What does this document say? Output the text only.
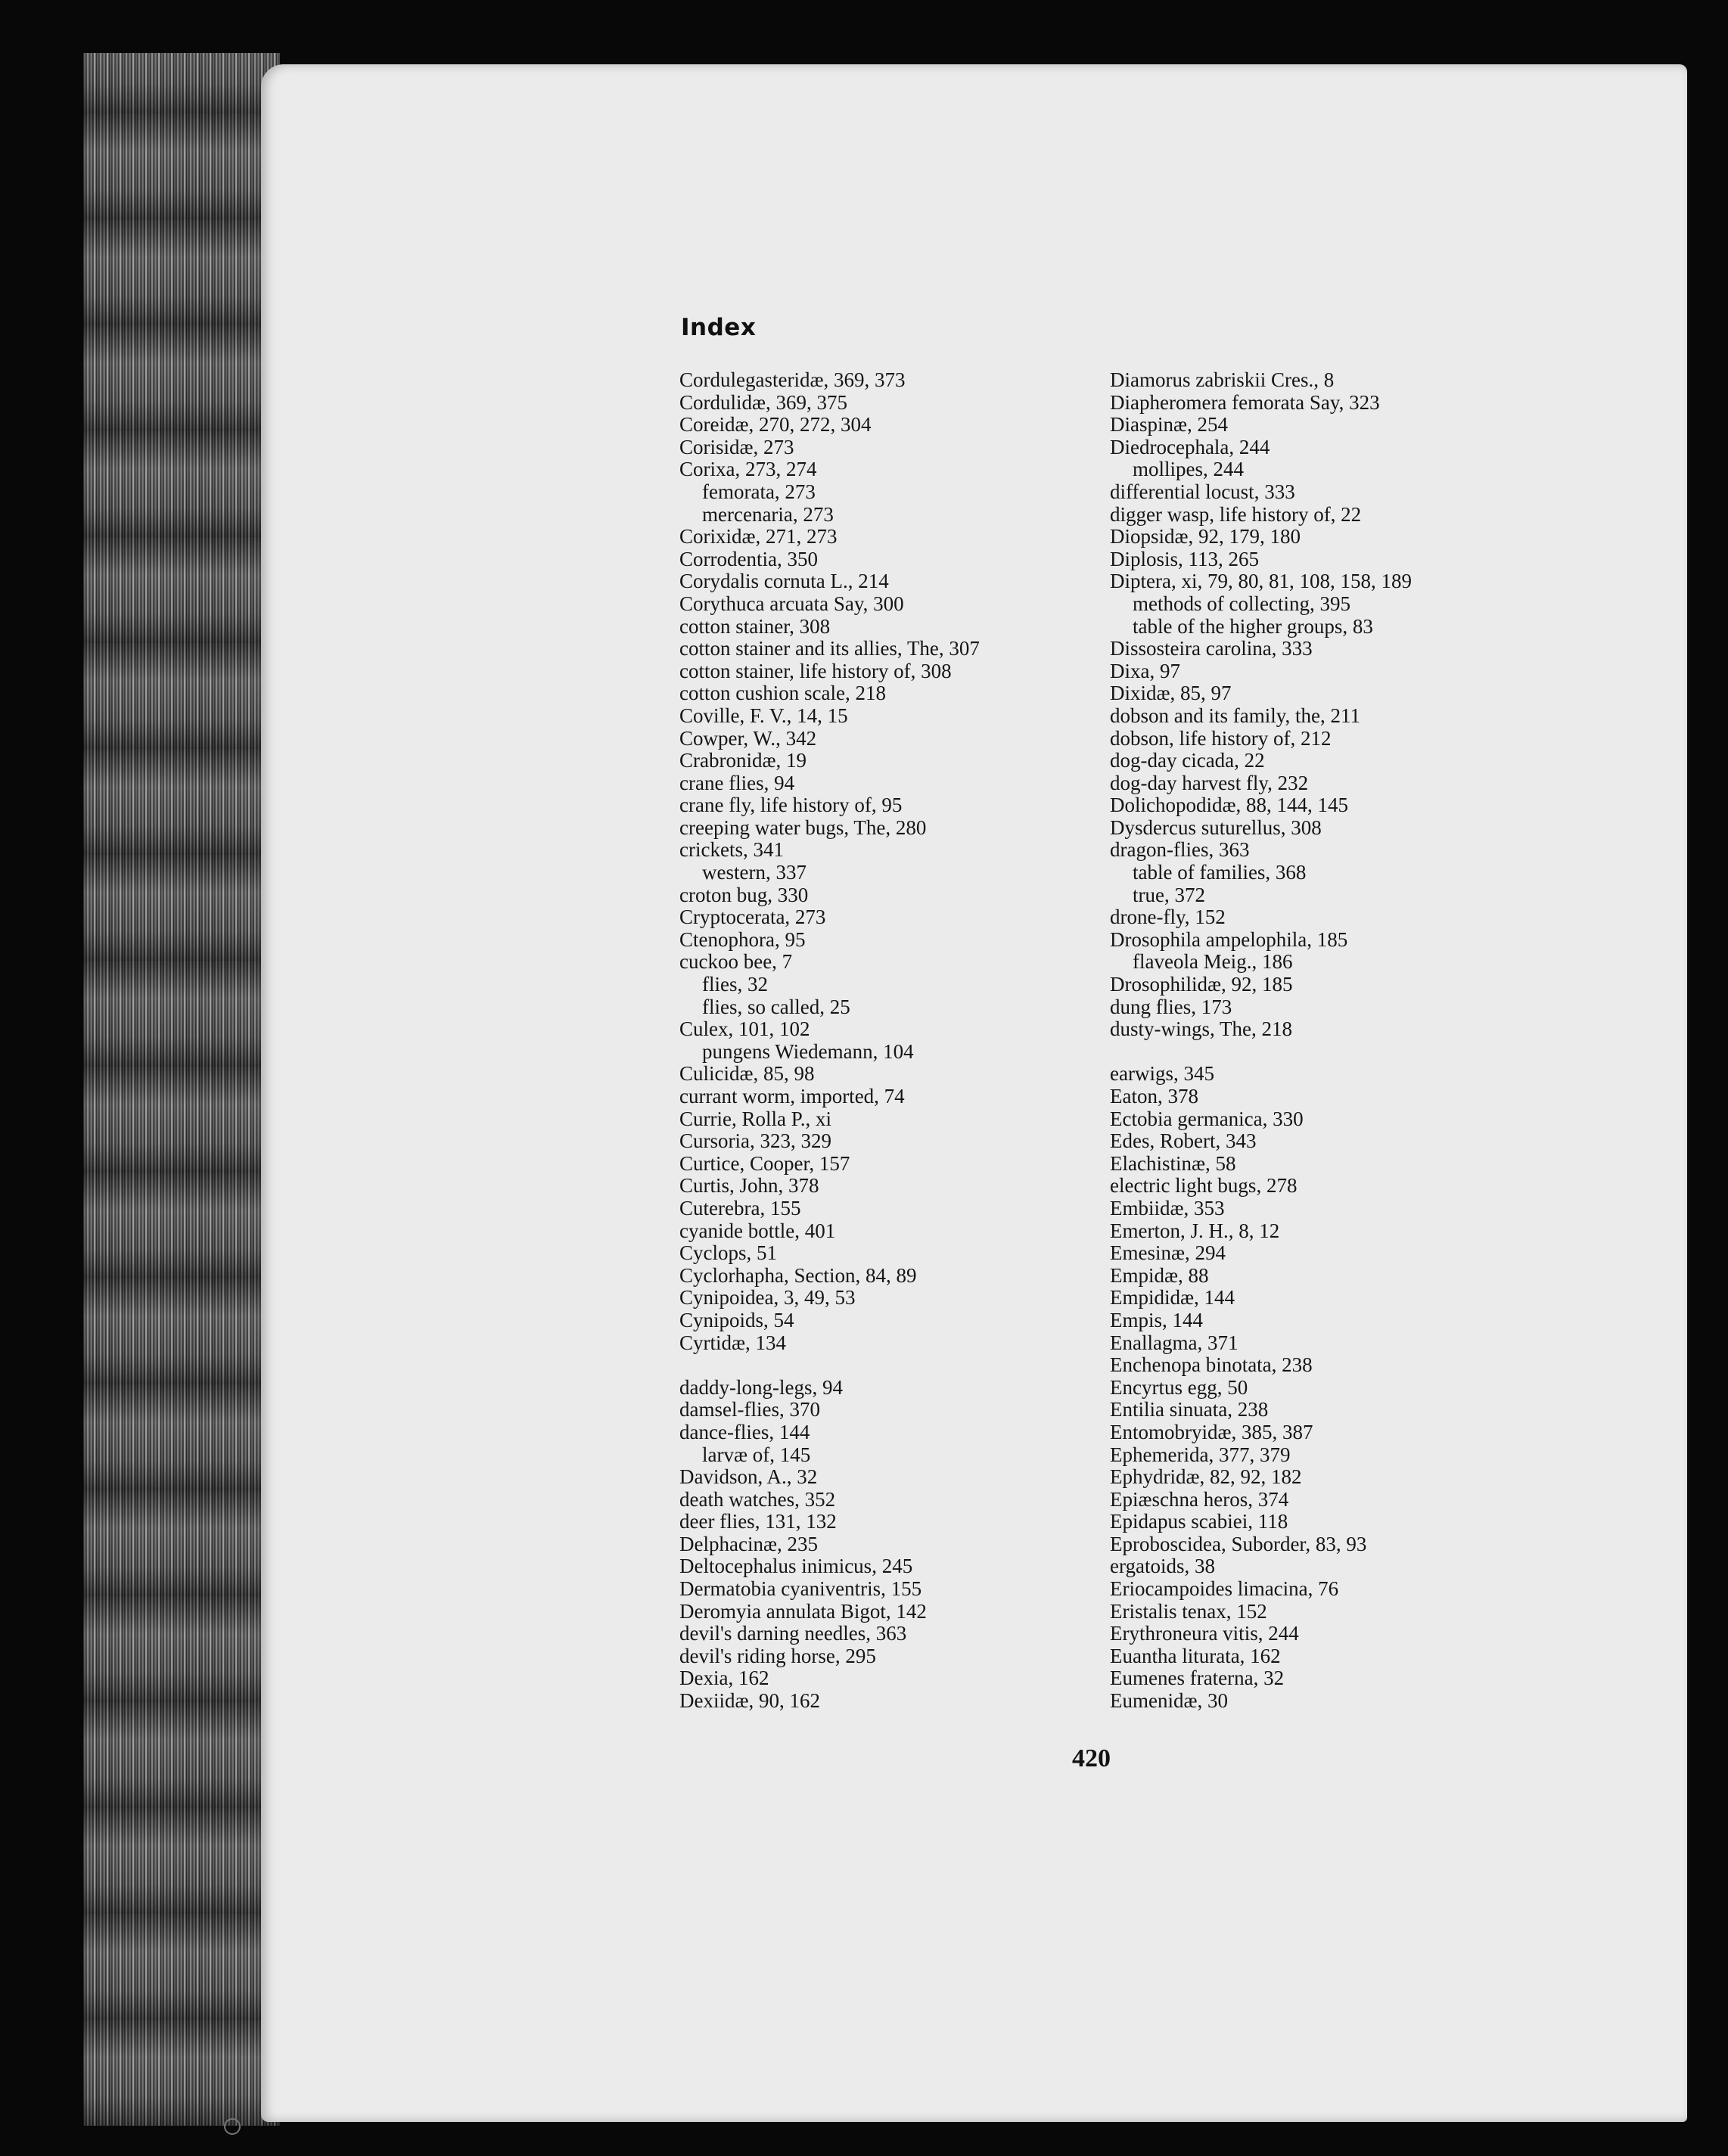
Index
Cordulegasteridæ, 369, 373
Cordulidæ, 369, 375
Coreidæ, 270, 272, 304
Corisidæ, 273
Corixa, 273, 274
femorata, 273
mercenaria, 273
Corixidæ, 271, 273
Corrodentia, 350
Corydalis cornuta L., 214
Corythuca arcuata Say, 300
cotton stainer, 308
cotton stainer and its allies, The, 307
cotton stainer, life history of, 308
cotton cushion scale, 218
Coville, F. V., 14, 15
Cowper, W., 342
Crabronidæ, 19
crane flies, 94
crane fly, life history of, 95
creeping water bugs, The, 280
crickets, 341
western, 337
croton bug, 330
Cryptocerata, 273
Ctenophora, 95
cuckoo bee, 7
flies, 32
flies, so called, 25
Culex, 101, 102
pungens Wiedemann, 104
Culicidæ, 85, 98
currant worm, imported, 74
Currie, Rolla P., xi
Cursoria, 323, 329
Curtice, Cooper, 157
Curtis, John, 378
Cuterebra, 155
cyanide bottle, 401
Cyclops, 51
Cyclorhapha, Section, 84, 89
Cynipoidea, 3, 49, 53
Cynipoids, 54
Cyrtidæ, 134
daddy-long-legs, 94
damsel-flies, 370
dance-flies, 144
larvæ of, 145
Davidson, A., 32
death watches, 352
deer flies, 131, 132
Delphacinæ, 235
Deltocephalus inimicus, 245
Dermatobia cyaniventris, 155
Deromyia annulata Bigot, 142
devil's darning needles, 363
devil's riding horse, 295
Dexia, 162
Dexiidæ, 90, 162
Diamorus zabriskii Cres., 8
Diapheromera femorata Say, 323
Diaspinæ, 254
Diedrocephala, 244
mollipes, 244
differential locust, 333
digger wasp, life history of, 22
Diopsidæ, 92, 179, 180
Diplosis, 113, 265
Diptera, xi, 79, 80, 81, 108, 158, 189
methods of collecting, 395
table of the higher groups, 83
Dissosteira carolina, 333
Dixa, 97
Dixidæ, 85, 97
dobson and its family, the, 211
dobson, life history of, 212
dog-day cicada, 22
dog-day harvest fly, 232
Dolichopodidæ, 88, 144, 145
Dysdercus suturellus, 308
dragon-flies, 363
table of families, 368
true, 372
drone-fly, 152
Drosophila ampelophila, 185
flaveola Meig., 186
Drosophilidæ, 92, 185
dung flies, 173
dusty-wings, The, 218
earwigs, 345
Eaton, 378
Ectobia germanica, 330
Edes, Robert, 343
Elachistinæ, 58
electric light bugs, 278
Embiidæ, 353
Emerton, J. H., 8, 12
Emesinæ, 294
Empidæ, 88
Empididæ, 144
Empis, 144
Enallagma, 371
Enchenopa binotata, 238
Encyrtus egg, 50
Entilia sinuata, 238
Entomobryidæ, 385, 387
Ephemerida, 377, 379
Ephydridæ, 82, 92, 182
Epiæschna heros, 374
Epidapus scabiei, 118
Eproboscidea, Suborder, 83, 93
ergatoids, 38
Eriocampoides limacina, 76
Eristalis tenax, 152
Erythroneura vitis, 244
Euantha liturata, 162
Eumenes fraterna, 32
Eumenidæ, 30
420
